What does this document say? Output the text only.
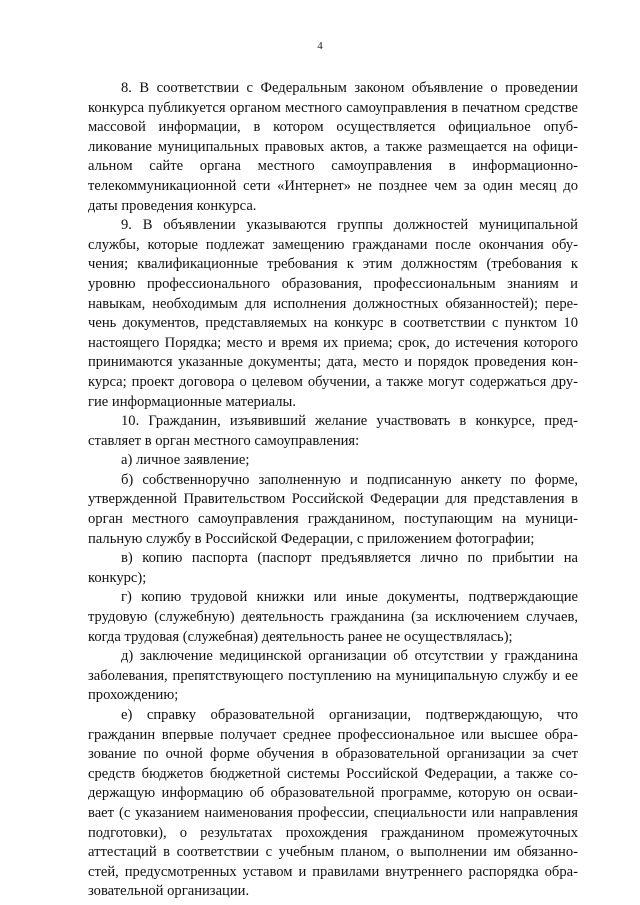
4

8. В соответствии с Федеральным законом объявление о проведении конкурса публикуется органом местного самоуправления в печатном средстве массовой информации, в котором осуществляется официальное опубликование муниципальных правовых актов, а также размещается на официальном сайте органа местного самоуправления в информационно-телекоммуникационной сети «Интернет» не позднее чем за один месяц до даты проведения конкурса.

9. В объявлении указываются группы должностей муниципальной службы, которые подлежат замещению гражданами после окончания обучения; квалификационные требования к этим должностям (требования к уровню профессионального образования, профессиональным знаниям и навыкам, необходимым для исполнения должностных обязанностей); перечень документов, представляемых на конкурс в соответствии с пунктом 10 настоящего Порядка; место и время их приема; срок, до истечения которого принимаются указанные документы; дата, место и порядок проведения конкурса; проект договора о целевом обучении, а также могут содержаться другие информационные материалы.

10. Гражданин, изъявивший желание участвовать в конкурсе, представляет в орган местного самоуправления:

а) личное заявление;

б) собственноручно заполненную и подписанную анкету по форме, утвержденной Правительством Российской Федерации для представления в орган местного самоуправления гражданином, поступающим на муниципальную службу в Российской Федерации, с приложением фотографии;

в) копию паспорта (паспорт предъявляется лично по прибытии на конкурс);

г) копию трудовой книжки или иные документы, подтверждающие трудовую (служебную) деятельность гражданина (за исключением случаев, когда трудовая (служебная) деятельность ранее не осуществлялась);

д) заключение медицинской организации об отсутствии у гражданина заболевания, препятствующего поступлению на муниципальную службу и ее прохождению;

е) справку образовательной организации, подтверждающую, что гражданин впервые получает среднее профессиональное или высшее образование по очной форме обучения в образовательной организации за счет средств бюджетов бюджетной системы Российской Федерации, а также содержащую информацию об образовательной программе, которую он осваивает (с указанием наименования профессии, специальности или направления подготовки), о результатах прохождения гражданином промежуточных аттестаций в соответствии с учебным планом, о выполнении им обязанностей, предусмотренных уставом и правилами внутреннего распорядка образовательной организации.
